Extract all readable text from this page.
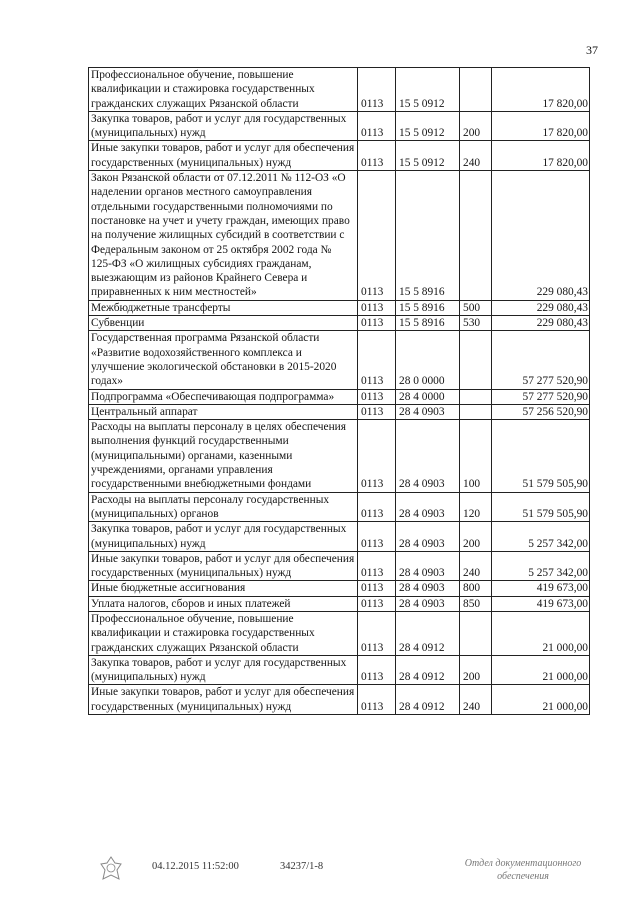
37
Профессиональное обучение, повышение квалификации и стажировка государственных гражданских служащих Рязанской области	0113	15 5 0912		17 820,00
Закупка товаров, работ и услуг для государственных (муниципальных) нужд	0113	15 5 0912	200	17 820,00
Иные закупки товаров, работ и услуг для обеспечения государственных (муниципальных) нужд	0113	15 5 0912	240	17 820,00
Закон Рязанской области от 07.12.2011 № 112-ОЗ «О наделении органов местного самоуправления отдельными государственными полномочиями по постановке на учет и учету граждан, имеющих право на получение жилищных субсидий в соответствии с Федеральным законом от 25 октября 2002 года № 125-ФЗ «О жилищных субсидиях гражданам, выезжающим из районов Крайнего Севера и приравненных к ним местностей»	0113	15 5 8916		229 080,43
Межбюджетные трансферты	0113	15 5 8916	500	229 080,43
Субвенции	0113	15 5 8916	530	229 080,43
Государственная программа Рязанской области «Развитие водохозяйственного комплекса и улучшение экологической обстановки в 2015-2020 годах»	0113	28 0 0000		57 277 520,90
Подпрограмма «Обеспечивающая подпрограмма»	0113	28 4 0000		57 277 520,90
Центральный аппарат	0113	28 4 0903		57 256 520,90
Расходы на выплаты персоналу в целях обеспечения выполнения функций государственными (муниципальными) органами, казенными учреждениями, органами управления государственными внебюджетными фондами	0113	28 4 0903	100	51 579 505,90
Расходы на выплаты персоналу государственных (муниципальных) органов	0113	28 4 0903	120	51 579 505,90
Закупка товаров, работ и услуг для государственных (муниципальных) нужд	0113	28 4 0903	200	5 257 342,00
Иные закупки товаров, работ и услуг для обеспечения государственных (муниципальных) нужд	0113	28 4 0903	240	5 257 342,00
Иные бюджетные ассигнования	0113	28 4 0903	800	419 673,00
Уплата налогов, сборов и иных платежей	0113	28 4 0903	850	419 673,00
Профессиональное обучение, повышение квалификации и стажировка государственных гражданских служащих Рязанской области	0113	28 4 0912		21 000,00
Закупка товаров, работ и услуг для государственных (муниципальных) нужд	0113	28 4 0912	200	21 000,00
Иные закупки товаров, работ и услуг для обеспечения государственных (муниципальных) нужд	0113	28 4 0912	240	21 000,00
04.12.2015 11:52:00	34237/1-8	Отдел документационного
обеспечения
